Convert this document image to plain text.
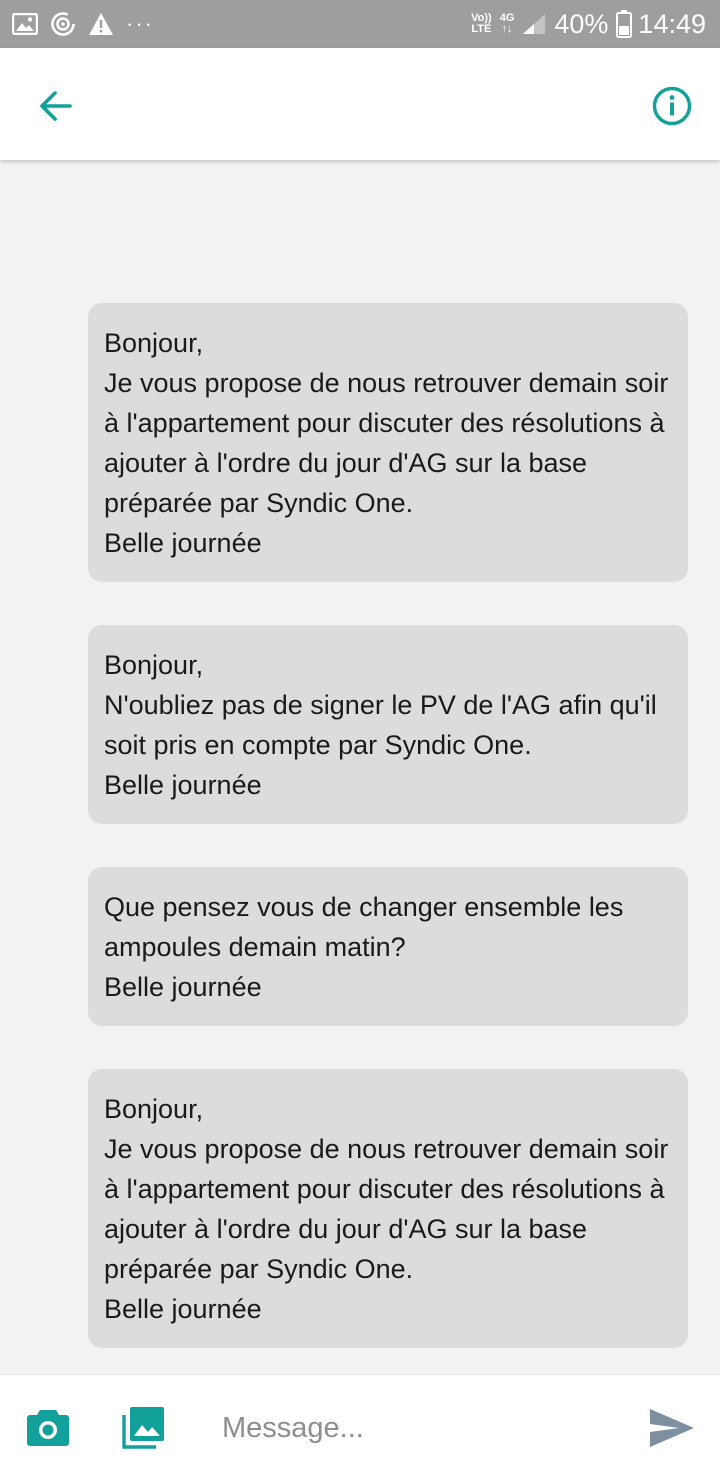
···	Vo))
LTE
4G
↑↓ 40% 14:49
Bonjour,
Je vous propose de nous retrouver demain soir à l'appartement pour discuter des résolutions à ajouter à l'ordre du jour d'AG sur la base préparée par Syndic One.
Belle journée
Bonjour,
N'oubliez pas de signer le PV de l'AG afin qu'il soit pris en compte par Syndic One.
Belle journée
Que pensez vous de changer ensemble les ampoules demain matin?
Belle journée
Bonjour,
Je vous propose de nous retrouver demain soir à l'appartement pour discuter des résolutions à ajouter à l'ordre du jour d'AG sur la base préparée par Syndic One.
Belle journée
Message...
